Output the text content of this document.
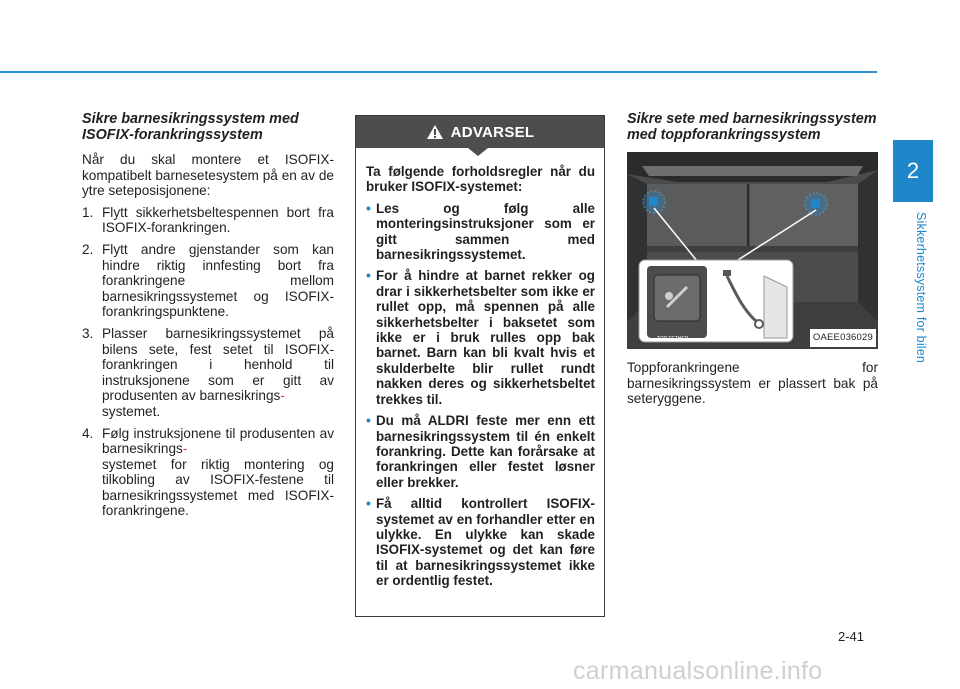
2
Sikkerhetssystem for bilen
Sikre barnesikringssystem med ISOFIX-forankringssystem
Når du skal montere et ISOFIX-kompatibelt barnesetesystem på en av de ytre seteposisjonene:
1. Flytt sikkerhetsbeltespennen bort fra ISOFIX-forankringen.
2. Flytt andre gjenstander som kan hindre riktig innfesting bort fra forankringene mellom barnesikringssystemet og ISOFIX-forankringspunktene.
3. Plasser barnesikringssystemet på bilens sete, fest setet til ISOFIX-forankringen i henhold til instruksjonene som er gitt av produsenten av barnesikrings-
systemet.
4. Følg instruksjonene til produsenten av barnesikrings-
systemet for riktig montering og tilkobling av ISOFIX-festene til barnesikringssystemet med ISOFIX-forankringene.
ADVARSEL
Ta følgende forholdsregler når du bruker ISOFIX-systemet:
• Les og følg alle monteringsinstruksjoner som er gitt sammen med barnesikringssystemet.
• For å hindre at barnet rekker og drar i sikkerhetsbelter som ikke er rullet opp, må spennen på alle sikkerhetsbelter i baksetet som ikke er i bruk rulles opp bak barnet. Barn kan bli kvalt hvis et skulderbelte blir rullet rundt nakken deres og sikkerhetsbeltet trekkes til.
• Du må ALDRI feste mer enn ett barnesikringssystem til én enkelt forankring. Dette kan forårsake at forankringen eller festet løsner eller brekker.
• Få alltid kontrollert ISOFIX-systemet av en forhandler etter en ulykke. En ulykke kan skade ISOFIX-systemet og det kan føre til at barnesikringssystemet ikke er ordentlig festet.
Sikre sete med barnesikringssystem med toppforankringssystem
TOP TETHER	OAEE036029
Toppforankringene for barnesikringssystem er plassert bak på seteryggene.
2-41
carmanualsonline.info
